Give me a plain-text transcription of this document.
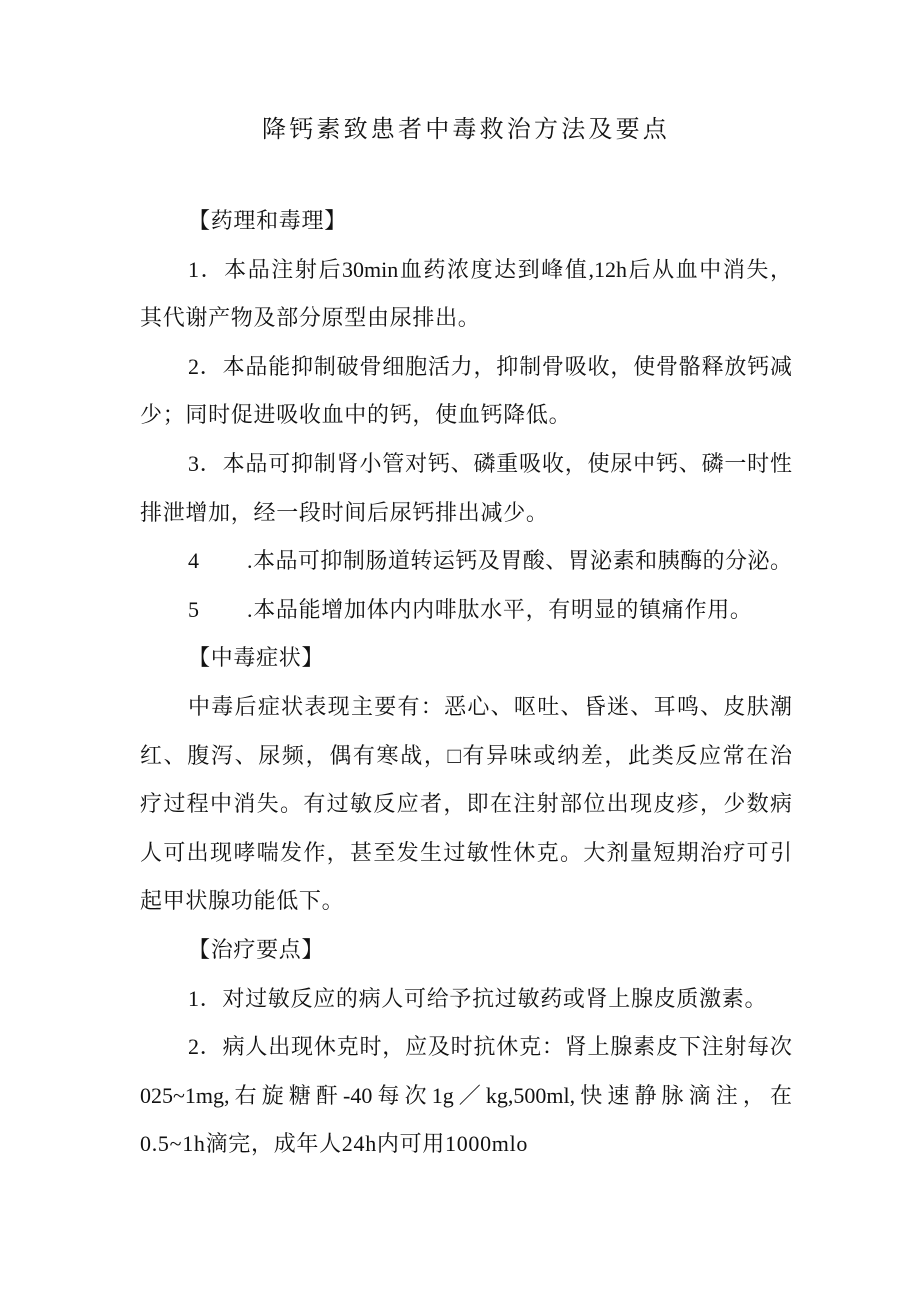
降钙素致患者中毒救治方法及要点
【药理和毒理】
1．本品注射后30min血药浓度达到峰值,12h后从血中消失，
其代谢产物及部分原型由尿排出。
2．本品能抑制破骨细胞活力，抑制骨吸收，使骨骼释放钙减
少；同时促进吸收血中的钙，使血钙降低。
3．本品可抑制肾小管对钙、磷重吸收，使尿中钙、磷一时性
排泄增加，经一段时间后尿钙排出减少。
4	.本品可抑制肠道转运钙及胃酸、胃泌素和胰酶的分泌。
5	.本品能增加体内内啡肽水平，有明显的镇痛作用。
【中毒症状】
中毒后症状表现主要有：恶心、呕吐、昏迷、耳鸣、皮肤潮
红、腹泻、尿频，偶有寒战，□有异味或纳差，此类反应常在治
疗过程中消失。有过敏反应者，即在注射部位出现皮疹，少数病
人可出现哮喘发作，甚至发生过敏性休克。大剂量短期治疗可引
起甲状腺功能低下。
【治疗要点】
1．对过敏反应的病人可给予抗过敏药或肾上腺皮质激素。
2．病人出现休克时，应及时抗休克：肾上腺素皮下注射每次
025~1mg,右旋糖酐-40每次1g／kg,500ml,快速静脉滴注，在
0.5~1h滴完，成年人24h内可用1000mlo
